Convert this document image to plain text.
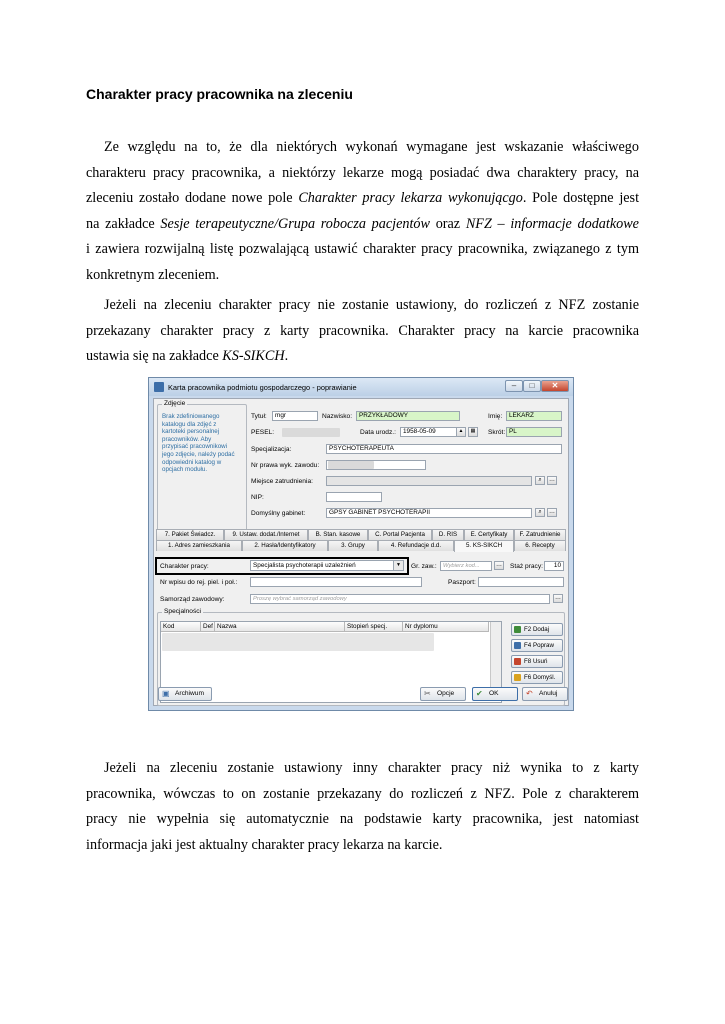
Charakter pracy pracownika na zleceniu
Ze względu na to, że dla niektórych wykonań wymagane jest wskazanie właściwego
charakteru pracy pracownika, a niektórzy lekarze mogą posiadać dwa charaktery pracy, na
zleceniu zostało dodane nowe pole Charakter pracy lekarza wykonującgo. Pole dostępne jest
na zakładce Sesje terapeutyczne/Grupa robocza pacjentów oraz NFZ – informacje dodatkowe
i zawiera rozwijalną listę pozwalającą ustawić charakter pracy pracownika, związanego z tym
konkretnym zleceniem.
Jeżeli na zleceniu charakter pracy nie zostanie ustawiony, do rozliczeń z NFZ zostanie
przekazany charakter pracy z karty pracownika. Charakter pracy na karcie pracownika
ustawia się na zakładce KS-SIKCH.
Karta pracownika podmiotu gospodarczego - poprawianie	–	□	✕
Zdjęcie
Brak zdefiniowanego katalogu dla zdjęć z kartoteki personalnej pracowników. Aby przypisać pracownikowi jego zdjęcie, należy podać odpowiedni katalog w opcjach modułu.
Tytuł:	mgr	Nazwisko:	PRZYKŁADOWY	Imię:	LEKARZ
PESEL:	Data urodz.:	1958-05-09	▲	▦	Skrót: PL
Specjalizacja:	PSYCHOTERAPEUTA
Nr prawa wyk. zawodu:
Miejsce zatrudnienia:	⌕	…
NIP:
Domyślny gabinet:	GPSY GABINET PSYCHOTERAPII	⌕	…
7. Pakiet Świadcz.	9. Ustaw. dodat./Internet	B. Stan. kasowe	C. Portal Pacjenta	D. RIS	E. Certyfikaty	F. Zatrudnienie
1. Adres zamieszkania	2. Hasła/Identyfikatory	3. Grupy	4. Refundacje d.d.	5. KS-SIKCH	6. Recepty
Charakter pracy:	Specjalista psychoterapii uzależnień	▼	Gr. zaw.:	Wybierz kod...	…	Staż pracy:	10
Nr wpisu do rej. piel. i poł.:	Paszport:
Samorząd zawodowy:	Proszę wybrać samorząd zawodowy	…
Specjalności
Kod	Def Nazwa	Stopień specj.	Nr dyplomu	F2 Dodaj
F4 Popraw
F8 Usuń
F6 Domyśl.
▣ Archiwum	✂ Opcje	✔ OK	↶ Anuluj
Jeżeli na zleceniu zostanie ustawiony inny charakter pracy niż wynika to z karty
pracownika, wówczas to on zostanie przekazany do rozliczeń z NFZ. Pole z charakterem
pracy nie wypełnia się automatycznie na podstawie karty pracownika, jest natomiast
informacja jaki jest aktualny charakter pracy lekarza na karcie.
